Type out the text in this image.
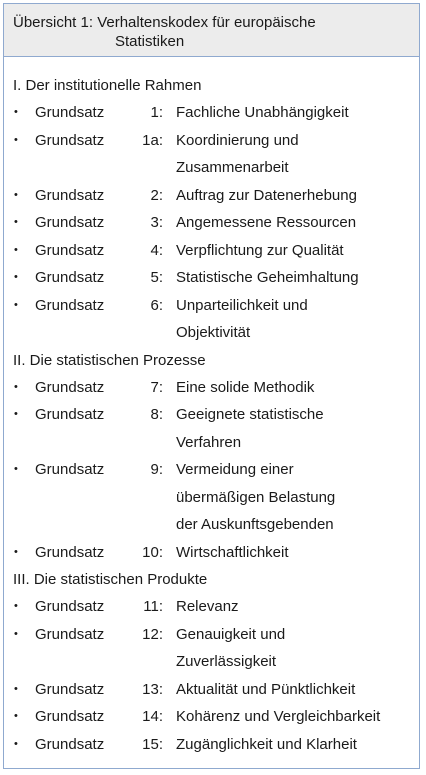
Übersicht 1: Verhaltenskodex für europäische
Statistiken
I. Der institutionelle Rahmen
•	Grundsatz	1: Fachliche Unabhängigkeit
•	Grundsatz	1a: Koordinierung und
Zusammenarbeit
•	Grundsatz	2: Auftrag zur Datenerhebung
•	Grundsatz	3: Angemessene Ressourcen
•	Grundsatz	4: Verpflichtung zur Qualität
•	Grundsatz	5: Statistische Geheimhaltung
•	Grundsatz	6: Unparteilichkeit und
Objektivität
II. Die statistischen Prozesse
•	Grundsatz	7: Eine solide Methodik
•	Grundsatz	8: Geeignete statistische
Verfahren
•	Grundsatz	9: Vermeidung einer
übermäßigen Belastung
der Auskunftsgebenden
•	Grundsatz	10: Wirtschaftlichkeit
III. Die statistischen Produkte
•	Grundsatz	11: Relevanz
•	Grundsatz	12: Genauigkeit und
Zuverlässigkeit
•	Grundsatz	13: Aktualität und Pünktlichkeit
•	Grundsatz	14: Kohärenz und Vergleichbarkeit
•	Grundsatz	15: Zugänglichkeit und Klarheit
